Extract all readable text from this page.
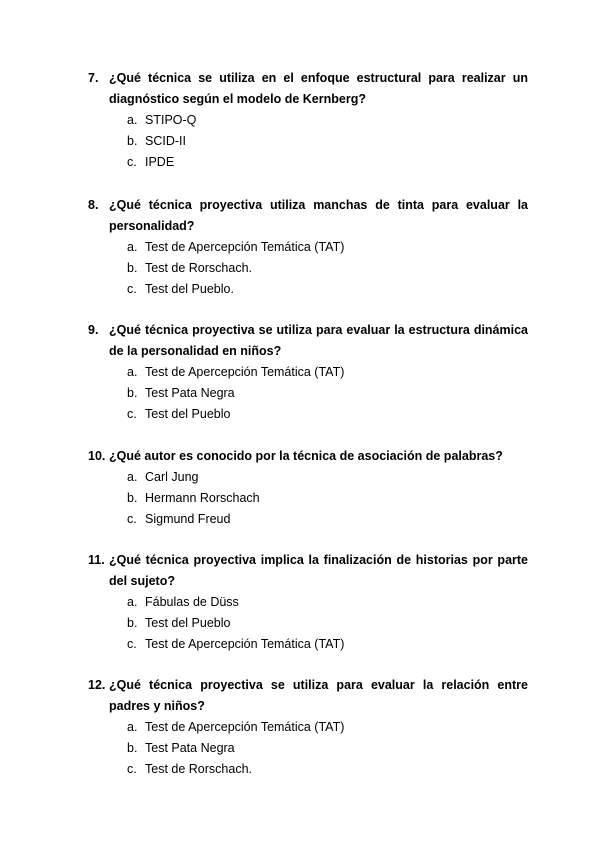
7. ¿Qué técnica se utiliza en el enfoque estructural para realizar un diagnóstico según el modelo de Kernberg?
a. STIPO-Q
b. SCID-II
c. IPDE
8. ¿Qué técnica proyectiva utiliza manchas de tinta para evaluar la personalidad?
a. Test de Apercepción Temática (TAT)
b. Test de Rorschach.
c. Test del Pueblo.
9. ¿Qué técnica proyectiva se utiliza para evaluar la estructura dinámica de la personalidad en niños?
a. Test de Apercepción Temática (TAT)
b. Test Pata Negra
c. Test del Pueblo
10. ¿Qué autor es conocido por la técnica de asociación de palabras?
a. Carl Jung
b. Hermann Rorschach
c. Sigmund Freud
11. ¿Qué técnica proyectiva implica la finalización de historias por parte del sujeto?
a. Fábulas de Düss
b. Test del Pueblo
c. Test de Apercepción Temática (TAT)
12. ¿Qué técnica proyectiva se utiliza para evaluar la relación entre padres y niños?
a. Test de Apercepción Temática (TAT)
b. Test Pata Negra
c. Test de Rorschach.
